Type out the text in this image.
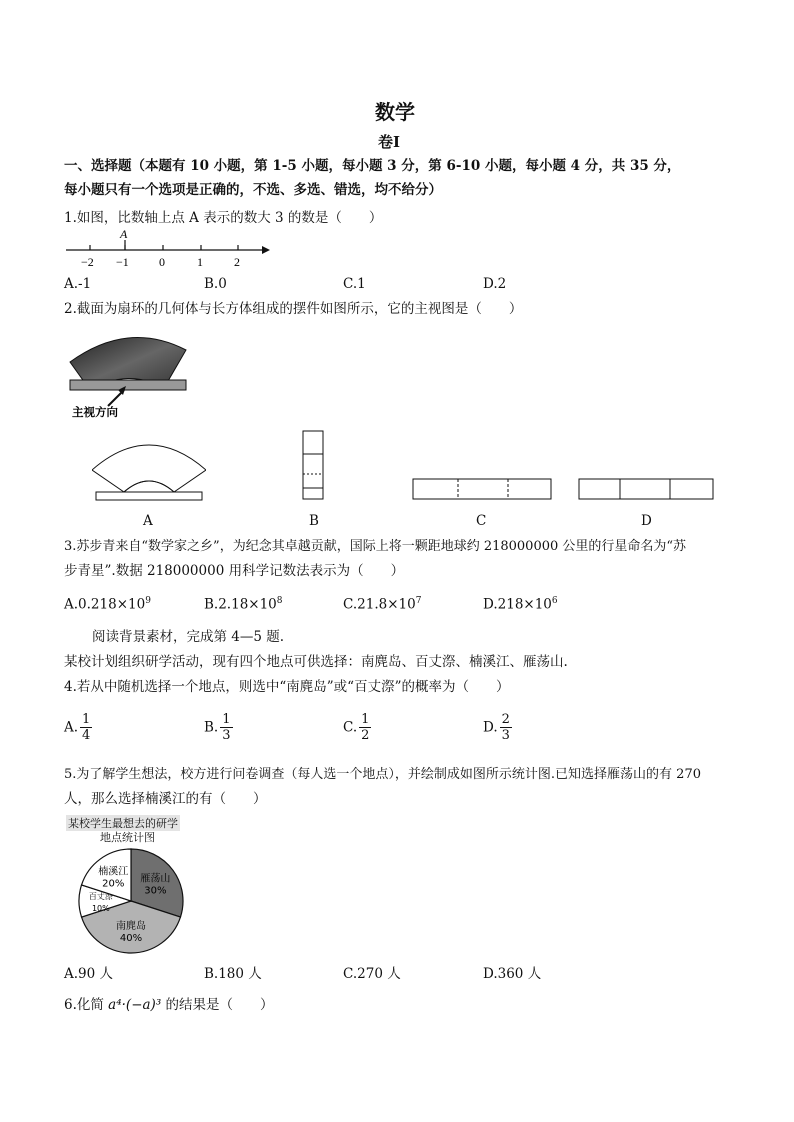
数学
卷Ⅰ
一、选择题（本题有 10 小题，第 1-5 小题，每小题 3 分，第 6-10 小题，每小题 4 分，共 35 分，
每小题只有一个选项是正确的，不选、多选、错选，均不给分）
1.如图，比数轴上点 A 表示的数大 3 的数是（　　）
A
−2 −1	0	1	2
A.-1	B.0	C.1	D.2
2.截面为扇环的几何体与长方体组成的摆件如图所示，它的主视图是（　　）
主视方向
A	B	C	D
3.苏步青来自“数学家之乡”，为纪念其卓越贡献，国际上将一颗距地球约 218000000 公里的行星命名为“苏
步青星”.数据 218000000 用科学记数法表示为（　　）
$A.0.218\times 10^9$	$B.2.18\times 10^8$	$C.21.8\times 10^7$	$D.218\times 10^6$
阅读背景素材，完成第 4—5 题.
某校计划组织研学活动，现有四个地点可供选择：南麂岛、百丈漈、楠溪江、雁荡山.
4.若从中随机选择一个地点，则选中“南麂岛”或“百丈漈”的概率为（　　）
A. $\frac{1}{4}$	B. $\frac{1}{3}$	C. $\frac{1}{2}$	D. $\frac{2}{3}$
5.为了解学生想法，校方进行问卷调查（每人选一个地点），并绘制成如图所示统计图.已知选择雁荡山的有 270
人，那么选择楠溪江的有（　　）
某校学生最想去的研学
地点统计图
雁荡山
30%
南麂岛
40%
百丈漈
10%
楠溪江
20%
A.90 人	B.180 人	C.270 人	D.360 人
6.化简 a⁴·(−a)³ 的结果是（　　）
